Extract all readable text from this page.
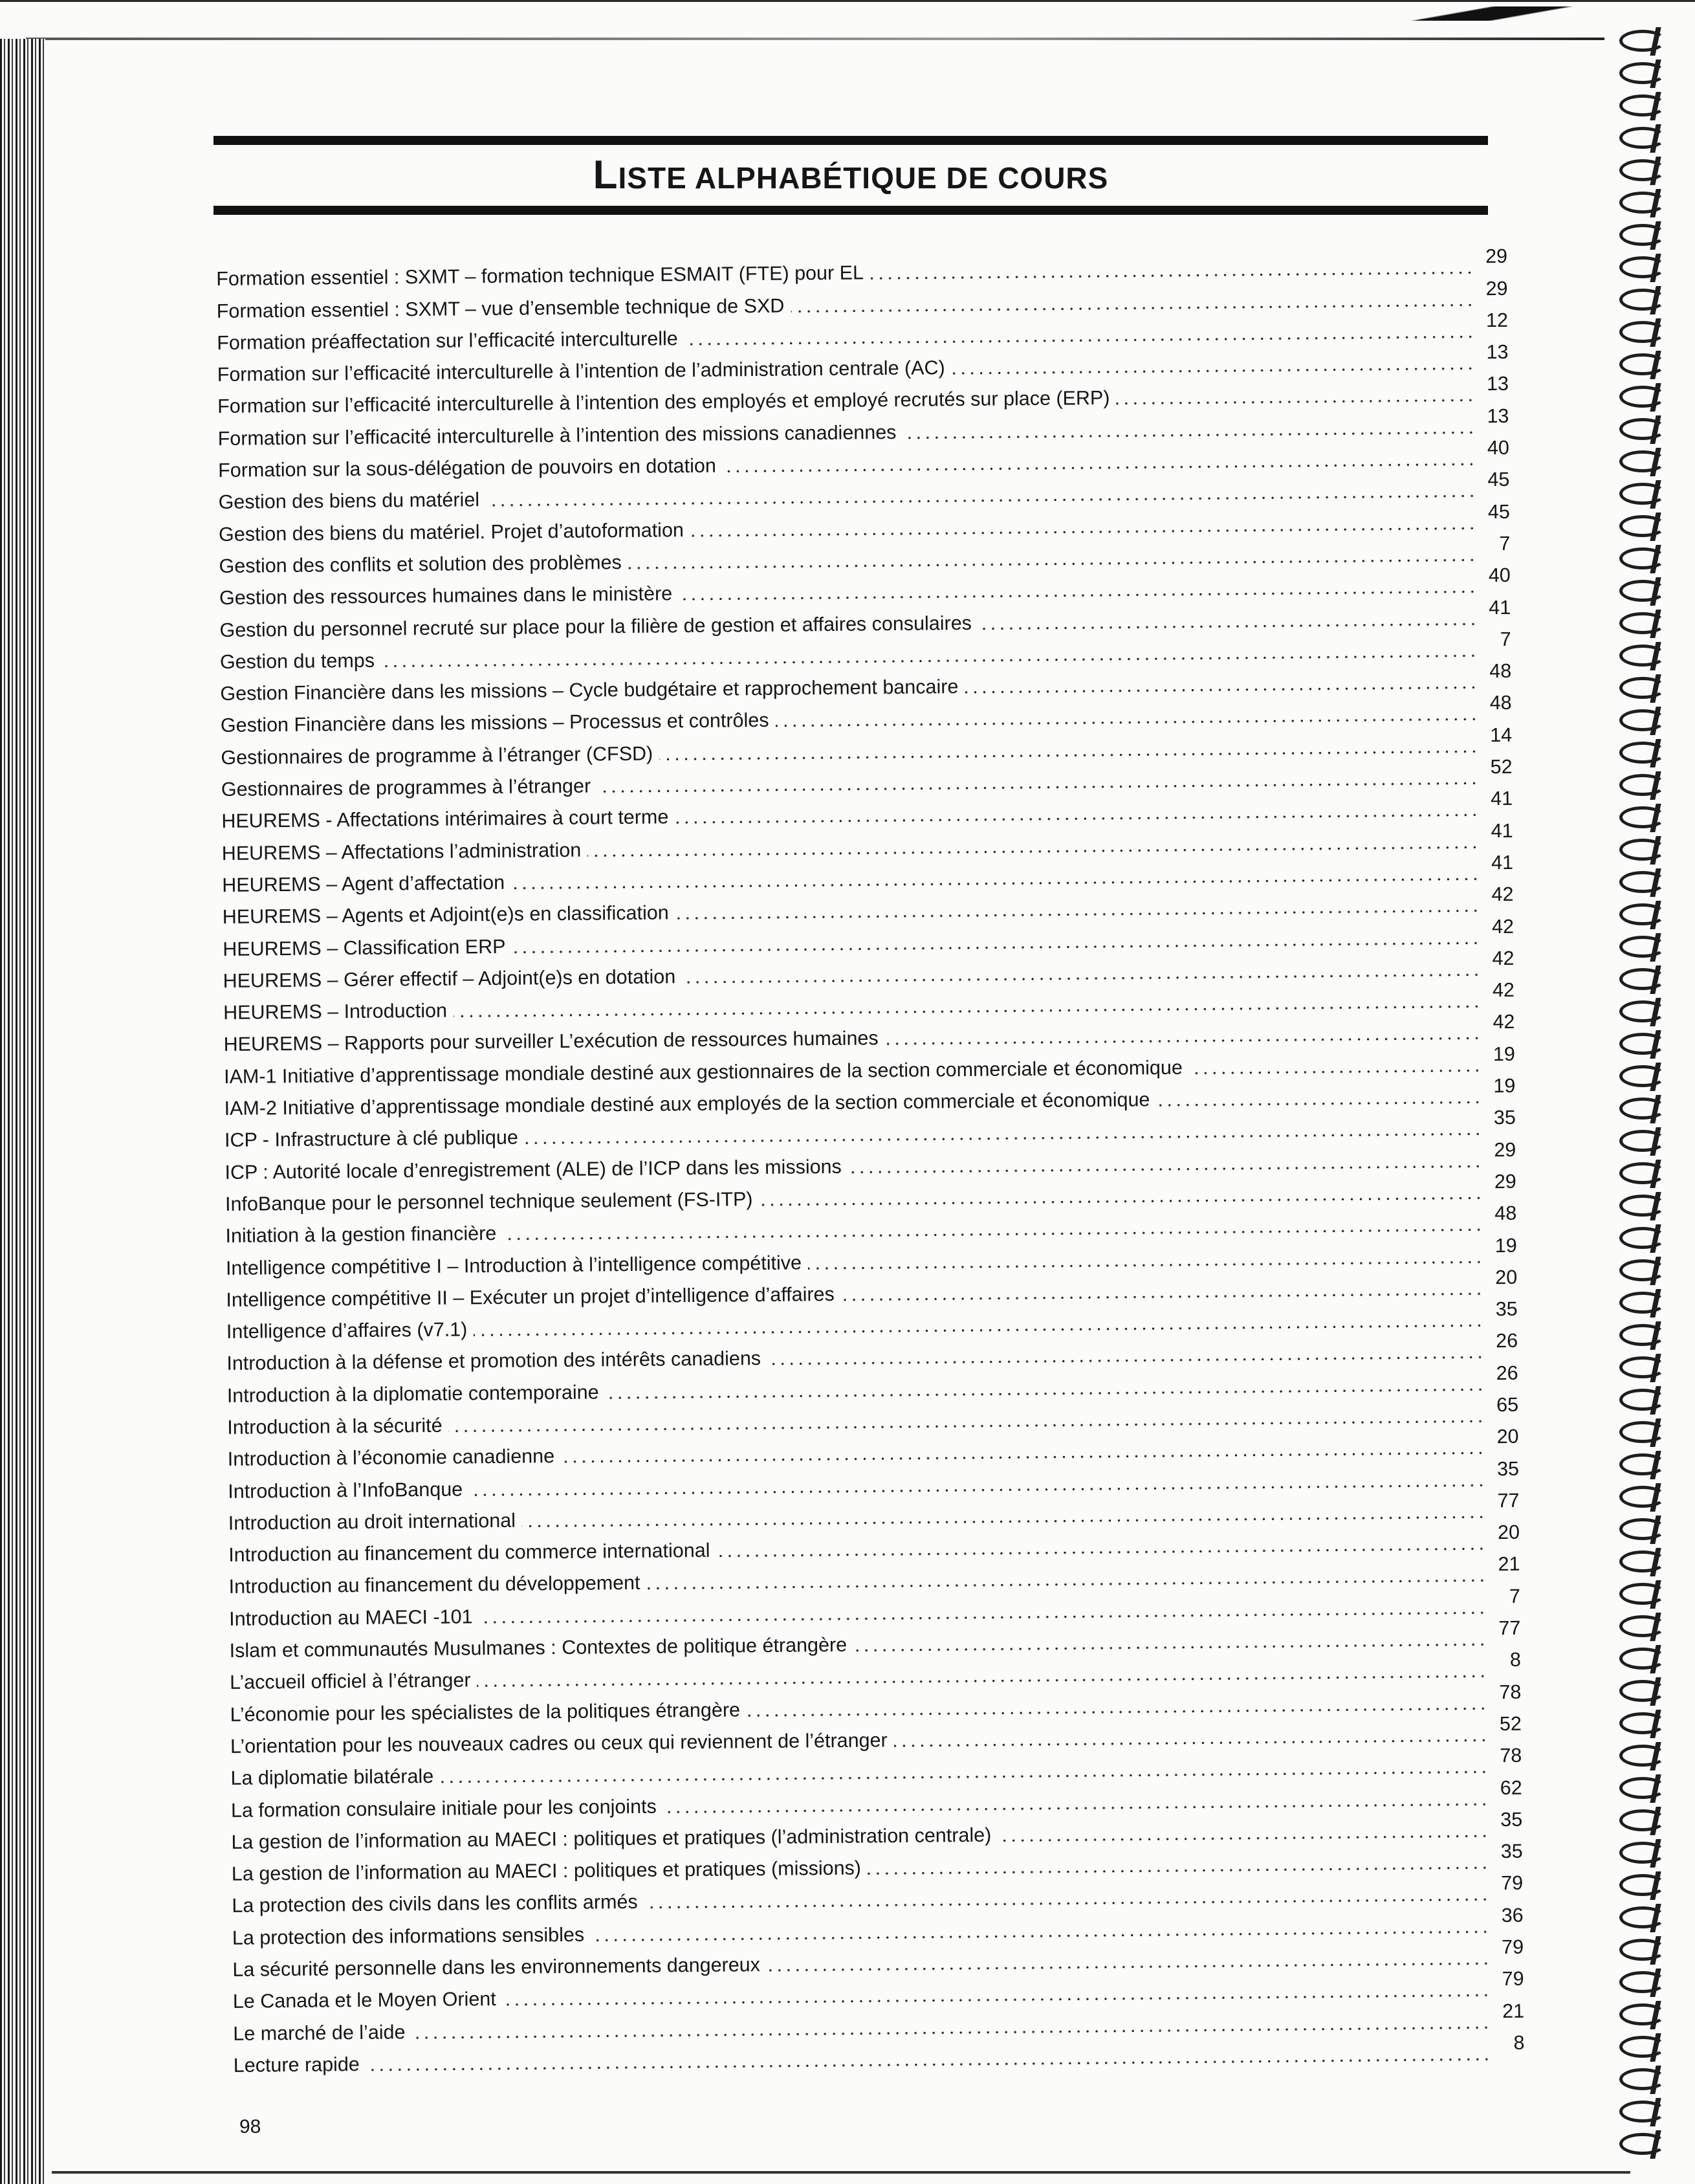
LISTE ALPHABÉTIQUE DE COURS
Formation essentiel : SXMT – formation technique ESMAIT (FTE) pour EL
29
Formation essentiel : SXMT – vue d’ensemble technique de SXD
29
Formation préaffectation sur l’efficacité interculturelle
12
Formation sur l’efficacité interculturelle à l’intention de l’administration centrale (AC)
13
Formation sur l’efficacité interculturelle à l’intention des employés et employé recrutés sur place (ERP)
13
Formation sur l’efficacité interculturelle à l’intention des missions canadiennes
13
Formation sur la sous-délégation de pouvoirs en dotation
40
Gestion des biens du matériel
45
Gestion des biens du matériel. Projet d’autoformation
45
Gestion des conflits et solution des problèmes
7
Gestion des ressources humaines dans le ministère
40
Gestion du personnel recruté sur place pour la filière de gestion et affaires consulaires
41
Gestion du temps
7
Gestion Financière dans les missions – Cycle budgétaire et rapprochement bancaire
48
Gestion Financière dans les missions – Processus et contrôles
48
Gestionnaires de programme à l’étranger (CFSD)
14
Gestionnaires de programmes à l’étranger
52
HEUREMS - Affectations intérimaires à court terme
41
HEUREMS – Affectations l’administration
41
HEUREMS – Agent d’affectation
41
HEUREMS – Agents et Adjoint(e)s en classification
42
HEUREMS – Classification ERP
42
HEUREMS – Gérer effectif – Adjoint(e)s en dotation
42
HEUREMS – Introduction
42
HEUREMS – Rapports pour surveiller L’exécution de ressources humaines
42
IAM-1 Initiative d’apprentissage mondiale destiné aux gestionnaires de la section commerciale et économique
19
IAM-2 Initiative d’apprentissage mondiale destiné aux employés de la section commerciale et économique
19
ICP - Infrastructure à clé publique
35
ICP : Autorité locale d’enregistrement (ALE) de l’ICP dans les missions
29
InfoBanque pour le personnel technique seulement (FS-ITP)
29
Initiation à la gestion financière
48
Intelligence compétitive I – Introduction à l’intelligence compétitive
19
Intelligence compétitive II – Exécuter un projet d’intelligence d’affaires
20
Intelligence d’affaires (v7.1)
35
Introduction à la défense et promotion des intérêts canadiens
26
Introduction à la diplomatie contemporaine
26
Introduction à la sécurité
65
Introduction à l’économie canadienne
20
Introduction à l’InfoBanque
35
Introduction au droit international
77
Introduction au financement du commerce international
20
Introduction au financement du développement
21
Introduction au MAECI -101
7
Islam et communautés Musulmanes : Contextes de politique étrangère
77
L’accueil officiel à l’étranger
8
L’économie pour les spécialistes de la politiques étrangère
78
L’orientation pour les nouveaux cadres ou ceux qui reviennent de l’étranger
52
La diplomatie bilatérale
78
La formation consulaire initiale pour les conjoints
62
La gestion de l’information au MAECI : politiques et pratiques (l’administration centrale)
35
La gestion de l’information au MAECI : politiques et pratiques (missions)
35
La protection des civils dans les conflits armés
79
La protection des informations sensibles
36
La sécurité personnelle dans les environnements dangereux
79
Le Canada et le Moyen Orient
79
Le marché de l’aide
21
Lecture rapide
8
98
